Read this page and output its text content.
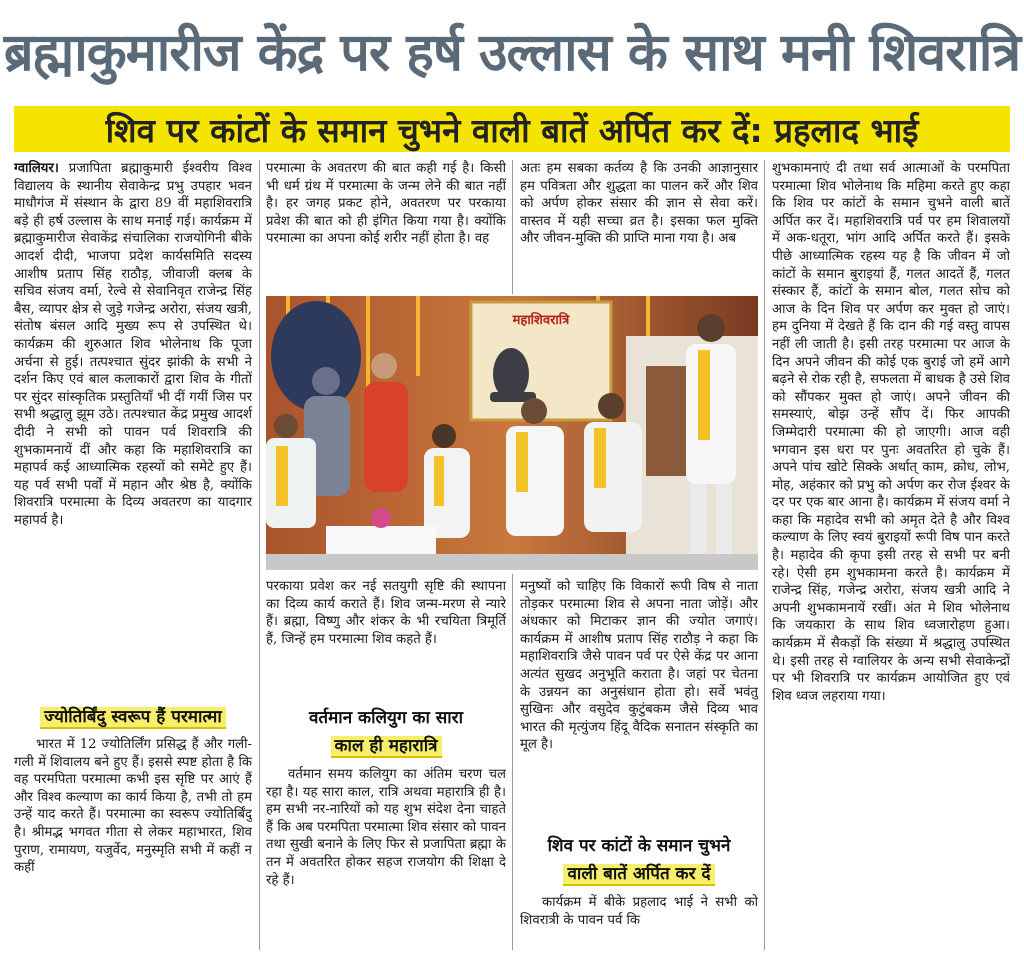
ब्रह्माकुमारीज केंद्र पर हर्ष उल्लास के साथ मनी शिवरात्रि
शिव पर कांटों के समान चुभने वाली बातें अर्पित कर दें: प्रहलाद भाई

ग्वालियर। प्रजापिता ब्रह्माकुमारी ईश्वरीय विश्व विद्यालय के स्थानीय सेवाकेन्द्र प्रभु उपहार भवन माधौगंज में संस्थान के द्वारा 89 वीं महाशिवरात्रि बड़े ही हर्ष उल्लास के साथ मनाई गई। कार्यक्रम में ब्रह्माकुमारीज सेवाकेंद्र संचालिका राजयोगिनी बीके आदर्श दीदी, भाजपा प्रदेश कार्यसमिति सदस्य आशीष प्रताप सिंह राठौड़, जीवाजी क्लब के सचिव संजय वर्मा, रेल्वे से सेवानिवृत राजेन्द्र सिंह बैस, व्यापर क्षेत्र से जुड़े गजेन्द्र अरोरा, संजय खत्री, संतोष बंसल आदि मुख्य रूप से उपस्थित थे। कार्यक्रम की शुरुआत शिव भोलेनाथ कि पूजा अर्चना से हुई। तत्पश्चात सुंदर झांकी के सभी ने दर्शन किए एवं बाल कलाकारों द्वारा शिव के गीतों पर सुंदर सांस्कृतिक प्रस्तुतियाँ भी दीं गयीं जिस पर सभी श्रद्धालु झूम उठे। तत्पश्चात केंद्र प्रमुख आदर्श दीदी ने सभी को पावन पर्व शिवरात्रि की शुभकामनायें दीं और कहा कि महाशिवरात्रि का महापर्व कई आध्यात्मिक रहस्यों को समेटे हुए हैं। यह पर्व सभी पर्वों में महान और श्रेष्ठ है, क्योंकि शिवरात्रि परमात्मा के दिव्य अवतरण का यादगार महापर्व है।

ज्योतिर्बिंदु स्वरूप हैं परमात्मा

भारत में 12 ज्योतिर्लिंग प्रसिद्ध हैं और गली-गली में शिवालय बने हुए हैं। इससे स्पष्ट होता है कि वह परमपिता परमात्मा कभी इस सृष्टि पर आएं हैं और विश्व कल्याण का कार्य किया है, तभी तो हम उन्हें याद करते हैं। परमात्मा का स्वरूप ज्योतिर्बिंदु है। श्रीमद्भ भगवत गीता से लेकर महाभारत, शिव पुराण, रामायण, यजुर्वेद, मनुस्मृति सभी में कहीं न कहीं

परमात्मा के अवतरण की बात कही गई है। किसी भी धर्म ग्रंथ में परमात्मा के जन्म लेने की बात नहीं है। हर जगह प्रकट होने, अवतरण पर परकाया प्रवेश की बात को ही इंगित किया गया है। क्योंकि परमात्मा का अपना कोई शरीर नहीं होता है। वह

अतः हम सबका कर्तव्य है कि उनकी आज्ञानुसार हम पवित्रता और शुद्धता का पालन करें और शिव को अर्पण होकर संसार की ज्ञान से सेवा करें। वास्तव में यही सच्चा व्रत है। इसका फल मुक्ति और जीवन-मुक्ति की प्राप्ति माना गया है। अब

महाशिवरात्रि

परकाया प्रवेश कर नई सतयुगी सृष्टि की स्थापना का दिव्य कार्य कराते हैं। शिव जन्म-मरण से न्यारे हैं। ब्रह्मा, विष्णु और शंकर के भी रचयिता त्रिमूर्ति हैं, जिन्हें हम परमात्मा शिव कहते हैं।

वर्तमान कलियुग का सारा
काल ही महारात्रि

वर्तमान समय कलियुग का अंतिम चरण चल रहा है। यह सारा काल, रात्रि अथवा महारात्रि ही है। हम सभी नर-नारियों को यह शुभ संदेश देना चाहते हैं कि अब परमपिता परमात्मा शिव संसार को पावन तथा सुखी बनाने के लिए फिर से प्रजापिता ब्रह्मा के तन में अवतरित होकर सहज राजयोग की शिक्षा दे रहे हैं।

मनुष्यों को चाहिए कि विकारों रूपी विष से नाता तोड़कर परमात्मा शिव से अपना नाता जोड़ें। और अंधकार को मिटाकर ज्ञान की ज्योत जगाएं। कार्यक्रम में आशीष प्रताप सिंह राठौड़ ने कहा कि महाशिवरात्रि जैसे पावन पर्व पर ऐसे केंद्र पर आना अत्यंत सुखद अनुभूति कराता है। जहां पर चेतना के उन्नयन का अनुसंधान होता हो। सर्वे भवंतु सुखिनः और वसुदेव कुटुंबकम जैसे दिव्य भाव भारत की मृत्युंजय हिंदू वैदिक सनातन संस्कृति का मूल है।

शिव पर कांटों के समान चुभने
वाली बातें अर्पित कर दें

कार्यक्रम में बीके प्रहलाद भाई ने सभी को शिवरात्री के पावन पर्व कि

शुभकामनाएं दी तथा सर्व आत्माओं के परमपिता परमात्मा शिव भोलेनाथ कि महिमा करते हुए कहा कि शिव पर कांटों के समान चुभने वाली बातें अर्पित कर दें। महाशिवरात्रि पर्व पर हम शिवालयों में अक-धतूरा, भांग आदि अर्पित करते हैं। इसके पीछे आध्यात्मिक रहस्य यह है कि जीवन में जो कांटों के समान बुराइयां हैं, गलत आदतें हैं, गलत संस्कार हैं, कांटों के समान बोल, गलत सोच को आज के दिन शिव पर अर्पण कर मुक्त हो जाएं। हम दुनिया में देखते हैं कि दान की गई वस्तु वापस नहीं ली जाती है। इसी तरह परमात्मा पर आज के दिन अपने जीवन की कोई एक बुराई जो हमें आगे बढ़ने से रोक रही है, सफलता में बाधक है उसे शिव को सौंपकर मुक्त हो जाएं। अपने जीवन की समस्याएं, बोझ उन्हें सौंप दें। फिर आपकी जिम्मेदारी परमात्मा की हो जाएगी। आज वही भगवान इस धरा पर पुनः अवतरित हो चुके हैं। अपने पांच खोटे सिक्के अर्थात् काम, क्रोध, लोभ, मोह, अहंकार को प्रभु को अर्पण कर रोज ईश्वर के दर पर एक बार आना है। कार्यक्रम में संजय वर्मा ने कहा कि महादेव सभी को अमृत देते है और विश्व कल्याण के लिए स्वयं बुराइयों रूपी विष पान करते है। महादेव की कृपा इसी तरह से सभी पर बनी रहे। ऐसी हम शुभकामना करते है। कार्यक्रम में राजेन्द्र सिंह, गजेन्द्र अरोरा, संजय खत्री आदि ने अपनी शुभकामनायें रखीं। अंत मे शिव भोलेनाथ कि जयकारा के साथ शिव ध्वजारोहण हुआ। कार्यक्रम में सैकड़ों कि संख्या में श्रद्धालु उपस्थित थे। इसी तरह से ग्वालियर के अन्य सभी सेवाकेन्द्रों पर भी शिवरात्रि पर कार्यक्रम आयोजित हुए एवं शिव ध्वज लहराया गया।
